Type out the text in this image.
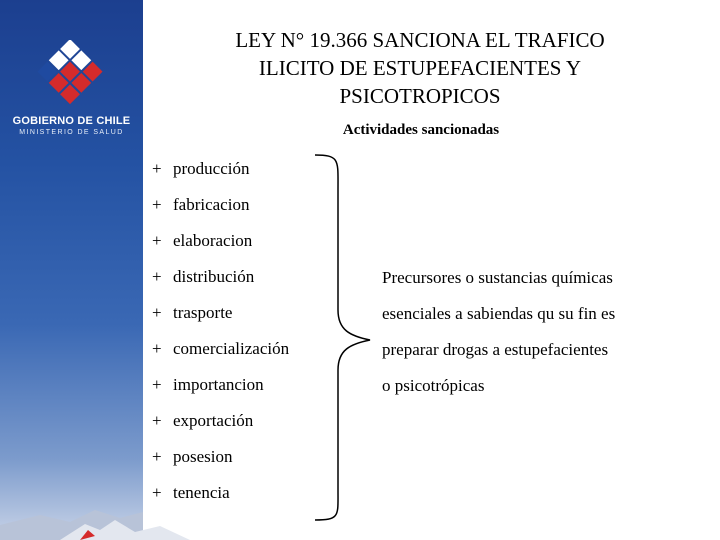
GOBIERNO DE CHILE
MINISTERIO DE SALUD
LEY N° 19.366 SANCIONA EL TRAFICO
ILICITO DE ESTUPEFACIENTES Y
PSICOTROPICOS
Actividades sancionadas
+ producción
+ fabricacion
+ elaboracion
+ distribución
+ trasporte
+ comercialización
+ importancion
+ exportación
+ posesion
+ tenencia

Precursores o sustancias químicas

esenciales a sabiendas qu su fin es

preparar drogas a estupefacientes

o psicotrópicas
